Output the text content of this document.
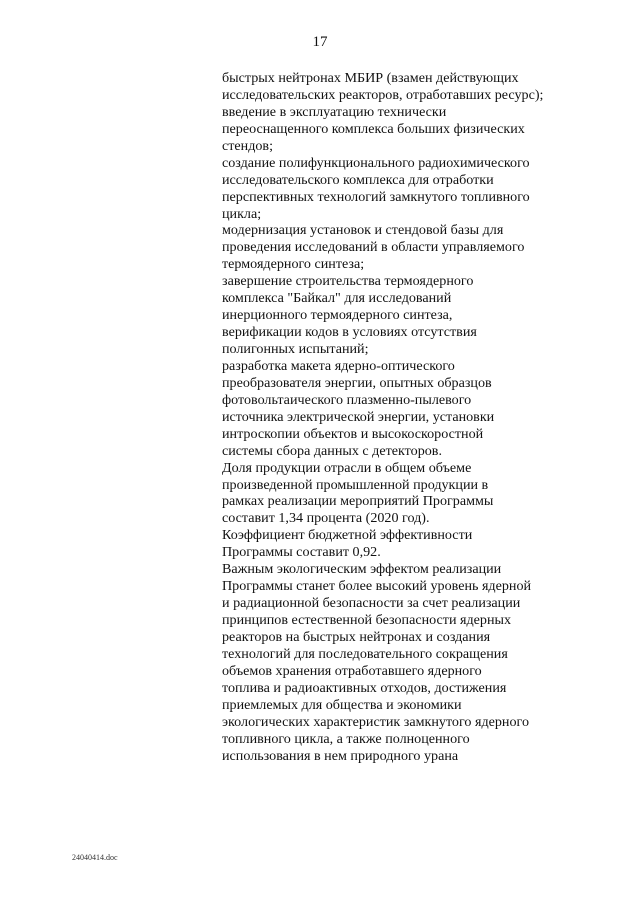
17
быстрых нейтронах МБИР (взамен действующих
исследовательских реакторов, отработавших ресурс);
введение в эксплуатацию технически
переоснащенного комплекса больших физических
стендов;
создание полифункционального радиохимического
исследовательского комплекса для отработки
перспективных технологий замкнутого топливного
цикла;
модернизация установок и стендовой базы для
проведения исследований в области управляемого
термоядерного синтеза;
завершение строительства термоядерного
комплекса "Байкал" для исследований
инерционного термоядерного синтеза,
верификации кодов в условиях отсутствия
полигонных испытаний;
разработка макета ядерно-оптического
преобразователя энергии, опытных образцов
фотовольтаического плазменно-пылевого
источника электрической энергии, установки
интроскопии объектов и высокоскоростной
системы сбора данных с детекторов.
Доля продукции отрасли в общем объеме
произведенной промышленной продукции в
рамках реализации мероприятий Программы
составит 1,34 процента (2020 год).
Коэффициент бюджетной эффективности
Программы составит 0,92.
Важным экологическим эффектом реализации
Программы станет более высокий уровень ядерной
и радиационной безопасности за счет реализации
принципов естественной безопасности ядерных
реакторов на быстрых нейтронах и создания
технологий для последовательного сокращения
объемов хранения отработавшего ядерного
топлива и радиоактивных отходов, достижения
приемлемых для общества и экономики
экологических характеристик замкнутого ядерного
топливного цикла, а также полноценного
использования в нем природного урана
24040414.doc
